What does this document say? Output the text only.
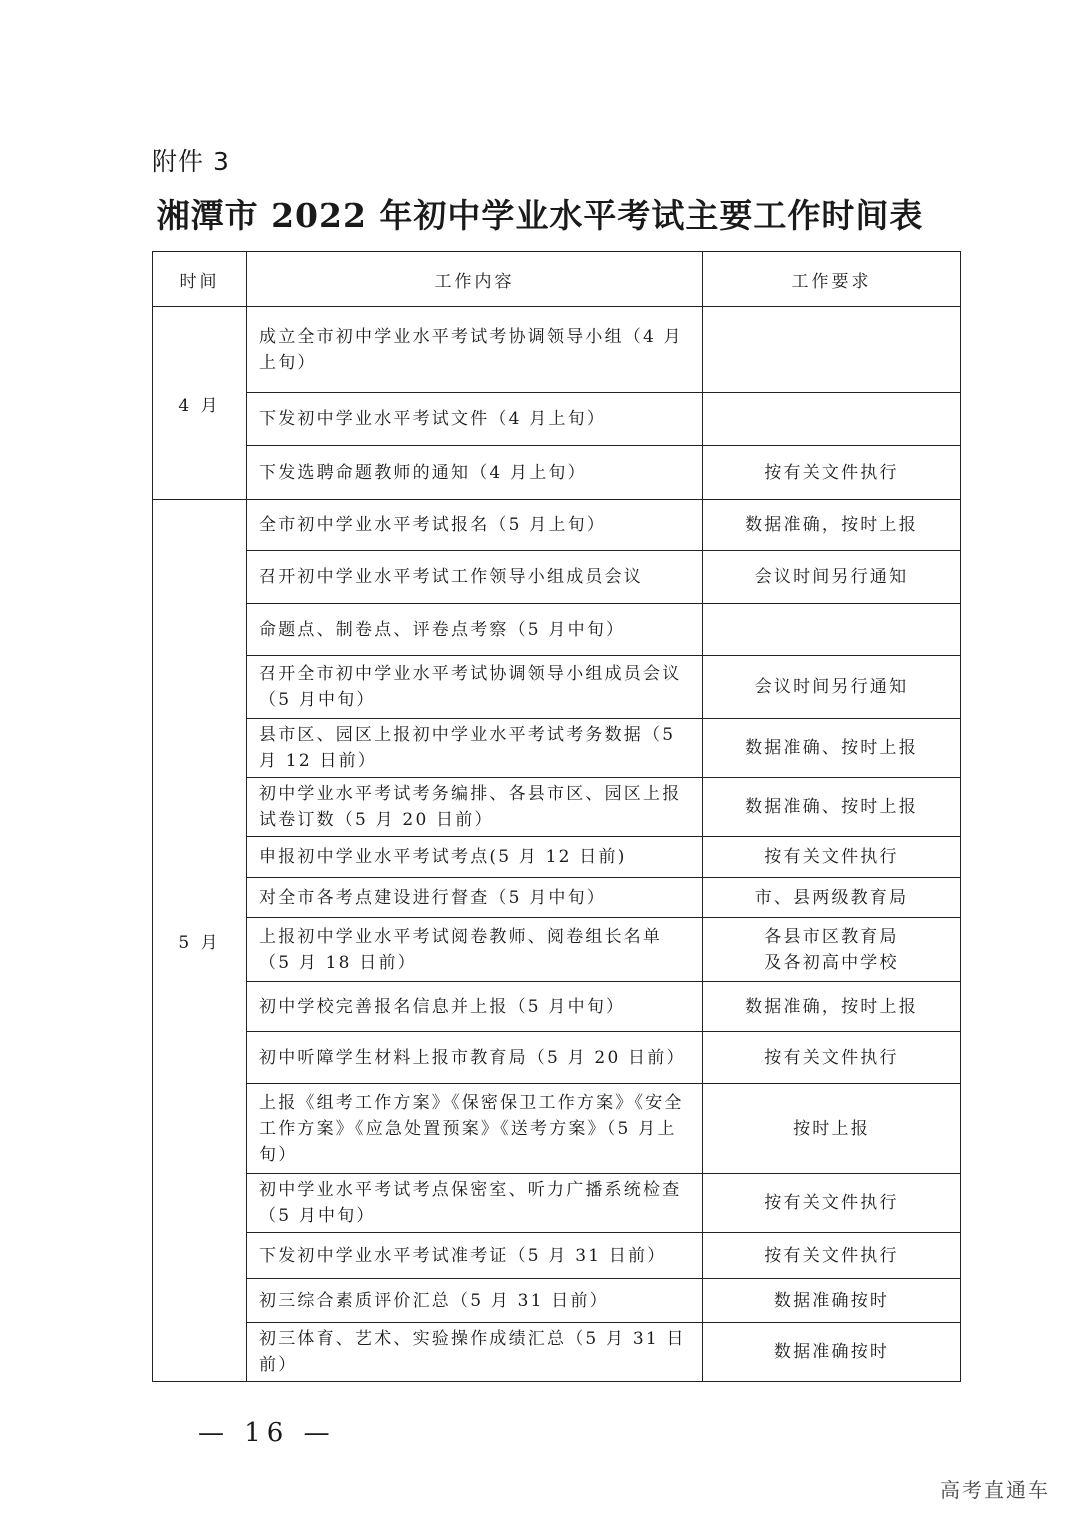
附件 3
湘潭市 2022 年初中学业水平考试主要工作时间表
时间	工作内容	工作要求
4 月	成立全市初中学业水平考试考协调领导小组（4 月上旬）	
	下发初中学业水平考试文件（4 月上旬）	
	下发选聘命题教师的通知（4 月上旬）	按有关文件执行
5 月	全市初中学业水平考试报名（5 月上旬）	数据准确，按时上报
	召开初中学业水平考试工作领导小组成员会议	会议时间另行通知
	命题点、制卷点、评卷点考察（5 月中旬）	
	召开全市初中学业水平考试协调领导小组成员会议（5 月中旬）	会议时间另行通知
	县市区、园区上报初中学业水平考试考务数据（5 月 12 日前）	数据准确、按时上报
	初中学业水平考试考务编排、各县市区、园区上报试卷订数（5 月 20 日前）	数据准确、按时上报
	申报初中学业水平考试考点(5 月 12 日前)	按有关文件执行
	对全市各考点建设进行督查（5 月中旬）	市、县两级教育局
	上报初中学业水平考试阅卷教师、阅卷组长名单（5 月 18 日前）	各县市区教育局
及各初高中学校
	初中学校完善报名信息并上报（5 月中旬）	数据准确，按时上报
	初中听障学生材料上报市教育局（5 月 20 日前）	按有关文件执行
	上报《组考工作方案》《保密保卫工作方案》《安全工作方案》《应急处置预案》《送考方案》（5 月上旬）	按时上报
	初中学业水平考试考点保密室、听力广播系统检查（5 月中旬）	按有关文件执行
	下发初中学业水平考试准考证（5 月 31 日前）	按有关文件执行
	初三综合素质评价汇总（5 月 31 日前）	数据准确按时
	初三体育、艺术、实验操作成绩汇总（5 月 31 日前）	数据准确按时
— 16 —
高考直通车
